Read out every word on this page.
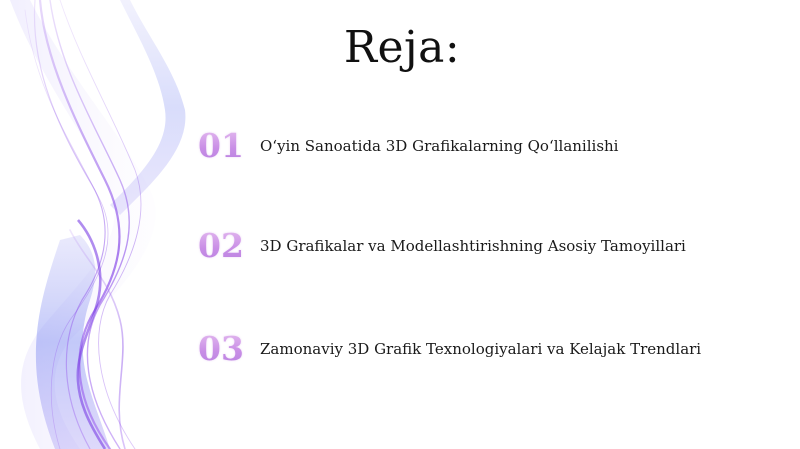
Reja:
01	O‘yin Sanoatida 3D Grafikalarning Qo‘llanilishi
02	3D Grafikalar va Modellashtirishning Asosiy Tamoyillari
03	Zamonaviy 3D Grafik Texnologiyalari va Kelajak Trendlari
